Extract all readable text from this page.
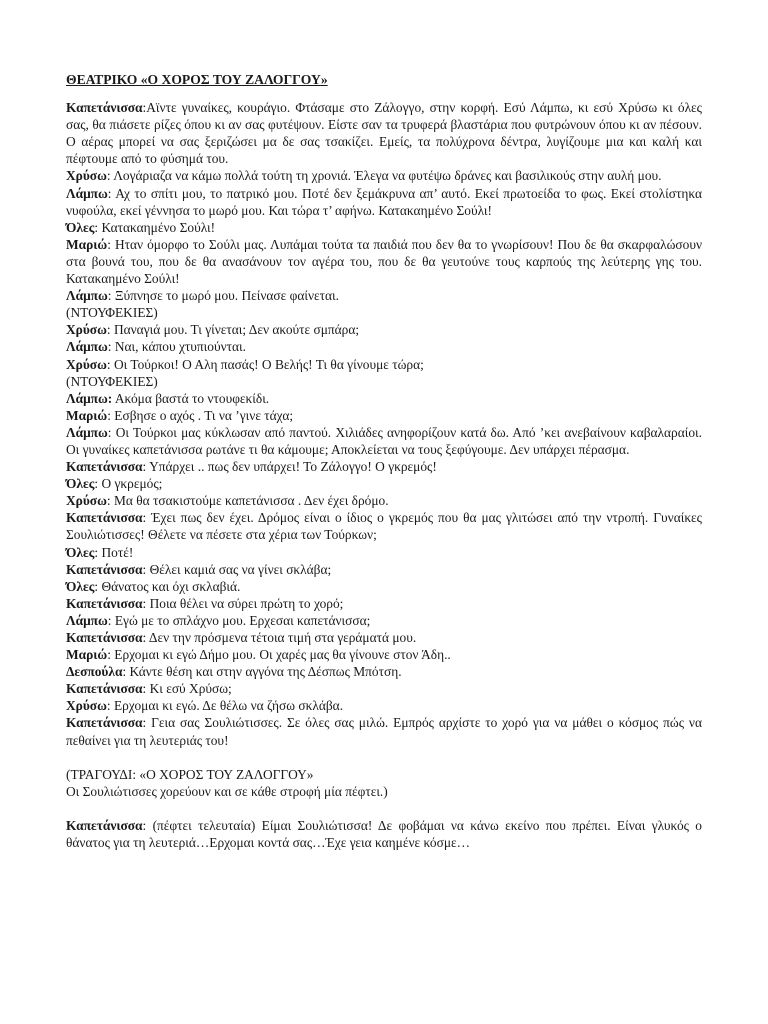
ΘΕΑΤΡΙΚΟ «Ο ΧΟΡΟΣ ΤΟΥ ΖΑΛΟΓΓΟΥ»

Καπετάνισσα:Αϊντε γυναίκες, κουράγιο. Φτάσαμε στο Ζάλογγο, στην κορφή. Εσύ Λάμπω, κι εσύ Χρύσω κι όλες σας, θα πιάσετε ρίζες όπου κι αν σας φυτέψουν. Είστε σαν τα τρυφερά βλαστάρια που φυτρώνουν όπου κι αν πέσουν. Ο αέρας μπορεί να σας ξεριζώσει μα δε σας τσακίζει. Εμείς, τα πολύχρονα δέντρα, λυγίζουμε μια και καλή και πέφτουμε από το φύσημά του.

Χρύσω: Λογάριαζα να κάμω πολλά τούτη τη χρονιά. Έλεγα να φυτέψω δράνες και βασιλικούς στην αυλή μου.

Λάμπω: Αχ το σπίτι μου, το πατρικό μου. Ποτέ δεν ξεμάκρυνα απ’ αυτό. Εκεί πρωτοείδα το φως. Εκεί στολίστηκα νυφούλα, εκεί γέννησα το μωρό μου. Και τώρα τ’ αφήνω. Κατακαημένο Σούλι!

Όλες: Κατακαημένο Σούλι!

Μαριώ: Ηταν όμορφο το Σούλι μας. Λυπάμαι τούτα τα παιδιά που δεν θα το γνωρίσουν! Που δε θα σκαρφαλώσουν στα βουνά του, που δε θα ανασάνουν τον αγέρα του, που δε θα γευτούνε τους καρπούς της λεύτερης γης του. Κατακαημένο Σούλι!

Λάμπω: Ξύπνησε το μωρό μου. Πείνασε φαίνεται.

(ΝΤΟΥΦΕΚΙΕΣ)

Χρύσω: Παναγιά μου. Τι γίνεται; Δεν ακούτε σμπάρα;

Λάμπω: Ναι, κάπου χτυπιούνται.

Χρύσω: Οι Τούρκοι! Ο Αλη πασάς! Ο Βελής! Τι θα γίνουμε τώρα;

(ΝΤΟΥΦΕΚΙΕΣ)

Λάμπω: Ακόμα βαστά το ντουφεκίδι.

Μαριώ: Εσβησε ο αχός . Τι να ’γινε τάχα;

Λάμπω: Οι Τούρκοι μας κύκλωσαν από παντού. Χιλιάδες ανηφορίζουν κατά δω. Από ’κει ανεβαίνουν καβαλαραίοι. Οι γυναίκες καπετάνισσα ρωτάνε τι θα κάμουμε; Αποκλείεται να τους ξεφύγουμε. Δεν υπάρχει πέρασμα.

Καπετάνισσα: Υπάρχει .. πως δεν υπάρχει! Το Ζάλογγο! Ο γκρεμός!

Όλες: Ο γκρεμός;

Χρύσω: Μα θα τσακιστούμε καπετάνισσα . Δεν έχει δρόμο.

Καπετάνισσα: Έχει πως δεν έχει. Δρόμος είναι ο ίδιος ο γκρεμός που θα μας γλιτώσει από την ντροπή. Γυναίκες Σουλιώτισσες! Θέλετε να πέσετε στα χέρια των Τούρκων;

Όλες: Ποτέ!

Καπετάνισσα: Θέλει καμιά σας να γίνει σκλάβα;

Όλες: Θάνατος και όχι σκλαβιά.

Καπετάνισσα: Ποια θέλει να σύρει πρώτη το χορό;

Λάμπω: Εγώ με το σπλάχνο μου. Ερχεσαι καπετάνισσα;

Καπετάνισσα: Δεν την πρόσμενα τέτοια τιμή στα γεράματά μου.

Μαριώ: Ερχομαι κι εγώ Δήμο μου. Οι χαρές μας θα γίνουνε στον Άδη..

Δεσπούλα: Κάντε θέση και στην αγγόνα της Δέσπως Μπότση.

Καπετάνισσα: Κι εσύ Χρύσω;

Χρύσω: Ερχομαι κι εγώ. Δε θέλω να ζήσω σκλάβα.

Καπετάνισσα: Γεια σας Σουλιώτισσες. Σε όλες σας μιλώ. Εμπρός αρχίστε το χορό για να μάθει ο κόσμος πώς να πεθαίνει για τη λευτεριάς του!

(ΤΡΑΓΟΥΔΙ: «Ο ΧΟΡΟΣ ΤΟΥ ΖΑΛΟΓΓΟΥ»

Οι Σουλιώτισσες χορεύουν και σε κάθε στροφή μία πέφτει.)

Καπετάνισσα: (πέφτει τελευταία) Είμαι Σουλιώτισσα! Δε φοβάμαι να κάνω εκείνο που πρέπει. Είναι γλυκός ο θάνατος για τη λευτεριά…Ερχομαι κοντά σας…Έχε γεια καημένε κόσμε…
